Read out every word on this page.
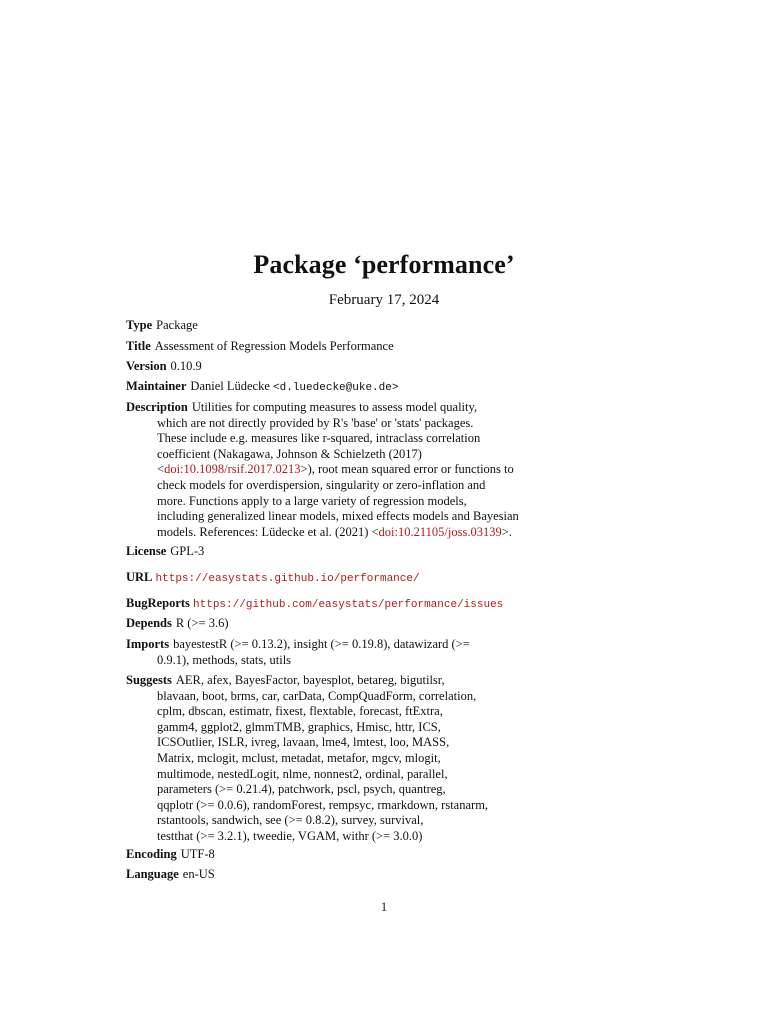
Package ‘performance’

February 17, 2024

Type Package
Title Assessment of Regression Models Performance
Version 0.10.9
Maintainer Daniel Lüdecke <d.luedecke@uke.de>
Description Utilities for computing measures to assess model quality,
which are not directly provided by R's 'base' or 'stats' packages.
These include e.g. measures like r-squared, intraclass correlation
coefficient (Nakagawa, Johnson & Schielzeth (2017)
<doi:10.1098/rsif.2017.0213>), root mean squared error or functions to
check models for overdispersion, singularity or zero-inflation and
more. Functions apply to a large variety of regression models,
including generalized linear models, mixed effects models and Bayesian
models. References: Lüdecke et al. (2021) <doi:10.21105/joss.03139>.
License GPL-3
URL https://easystats.github.io/performance/
BugReports https://github.com/easystats/performance/issues
Depends R (>= 3.6)
Imports bayestestR (>= 0.13.2), insight (>= 0.19.8), datawizard (>=
0.9.1), methods, stats, utils
Suggests AER, afex, BayesFactor, bayesplot, betareg, bigutilsr,
blavaan, boot, brms, car, carData, CompQuadForm, correlation,
cplm, dbscan, estimatr, fixest, flextable, forecast, ftExtra,
gamm4, ggplot2, glmmTMB, graphics, Hmisc, httr, ICS,
ICSOutlier, ISLR, ivreg, lavaan, lme4, lmtest, loo, MASS,
Matrix, mclogit, mclust, metadat, metafor, mgcv, mlogit,
multimode, nestedLogit, nlme, nonnest2, ordinal, parallel,
parameters (>= 0.21.4), patchwork, pscl, psych, quantreg,
qqplotr (>= 0.0.6), randomForest, rempsyc, rmarkdown, rstanarm,
rstantools, sandwich, see (>= 0.8.2), survey, survival,
testthat (>= 3.2.1), tweedie, VGAM, withr (>= 3.0.0)
Encoding UTF-8
Language en-US
1
